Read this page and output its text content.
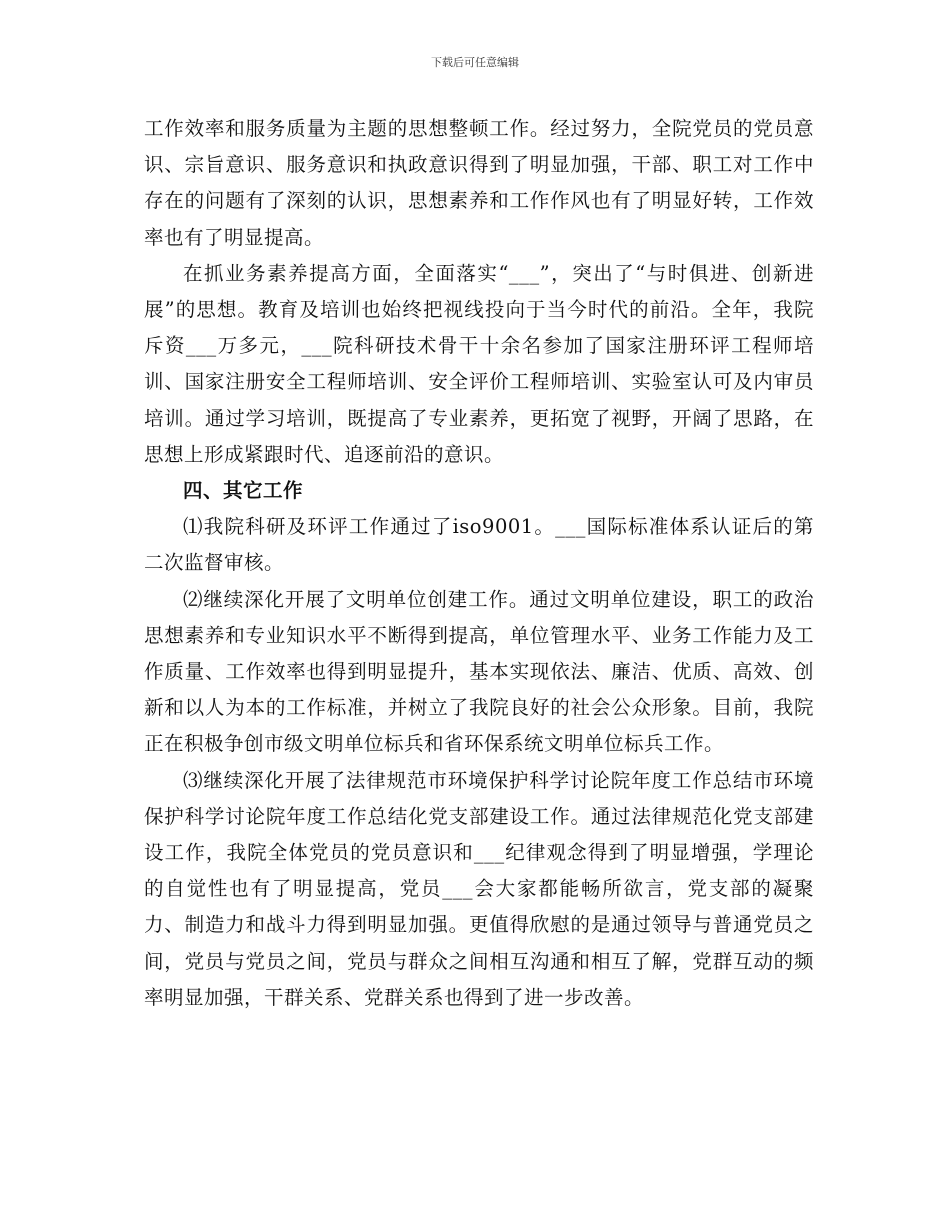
下载后可任意编辑

工作效率和服务质量为主题的思想整顿工作。经过努力，全院党员的党员意识、宗旨意识、服务意识和执政意识得到了明显加强，干部、职工对工作中存在的问题有了深刻的认识，思想素养和工作作风也有了明显好转，工作效率也有了明显提高。

在抓业务素养提高方面，全面落实“___”，突出了“与时俱进、创新进展”的思想。教育及培训也始终把视线投向于当今时代的前沿。全年，我院斥资___万多元，___院科研技术骨干十余名参加了国家注册环评工程师培训、国家注册安全工程师培训、安全评价工程师培训、实验室认可及内审员培训。通过学习培训，既提高了专业素养，更拓宽了视野，开阔了思路，在思想上形成紧跟时代、追逐前沿的意识。

四、其它工作

⑴我院科研及环评工作通过了iso9001。___国际标准体系认证后的第二次监督审核。

⑵继续深化开展了文明单位创建工作。通过文明单位建设，职工的政治思想素养和专业知识水平不断得到提高，单位管理水平、业务工作能力及工作质量、工作效率也得到明显提升，基本实现依法、廉洁、优质、高效、创新和以人为本的工作标准，并树立了我院良好的社会公众形象。目前，我院正在积极争创市级文明单位标兵和省环保系统文明单位标兵工作。

⑶继续深化开展了法律规范市环境保护科学讨论院年度工作总结市环境保护科学讨论院年度工作总结化党支部建设工作。通过法律规范化党支部建设工作，我院全体党员的党员意识和___纪律观念得到了明显增强，学理论的自觉性也有了明显提高，党员___会大家都能畅所欲言，党支部的凝聚力、制造力和战斗力得到明显加强。更值得欣慰的是通过领导与普通党员之间，党员与党员之间，党员与群众之间相互沟通和相互了解，党群互动的频率明显加强，干群关系、党群关系也得到了进一步改善。
